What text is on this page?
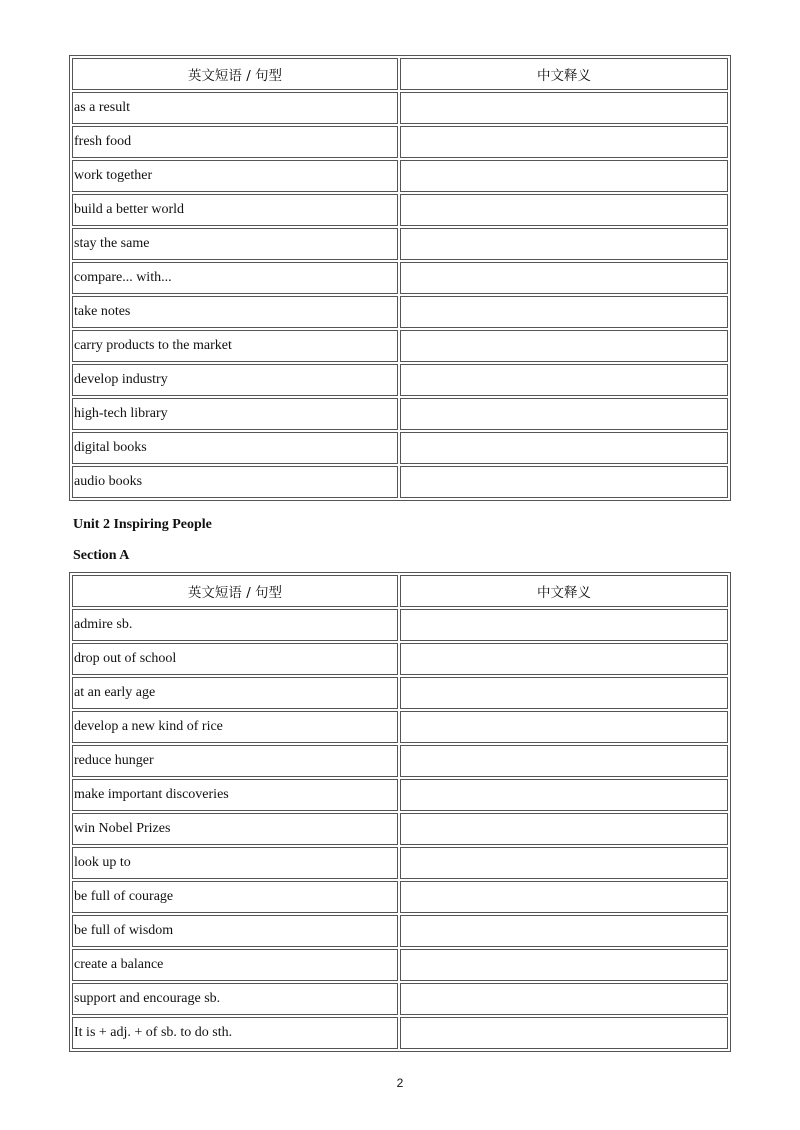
英文短语 / 句型	中文释义
as a result	
fresh food	
work together	
build a better world	
stay the same	
compare... with...	
take notes	
carry products to the market	
develop industry	
high-tech library	
digital books	
audio books	

Unit 2 Inspiring People

Section A

英文短语 / 句型	中文释义
admire sb.	
drop out of school	
at an early age	
develop a new kind of rice	
reduce hunger	
make important discoveries	
win Nobel Prizes	
look up to	
be full of courage	
be full of wisdom	
create a balance	
support and encourage sb.	
It is + adj. + of sb. to do sth.	
2
